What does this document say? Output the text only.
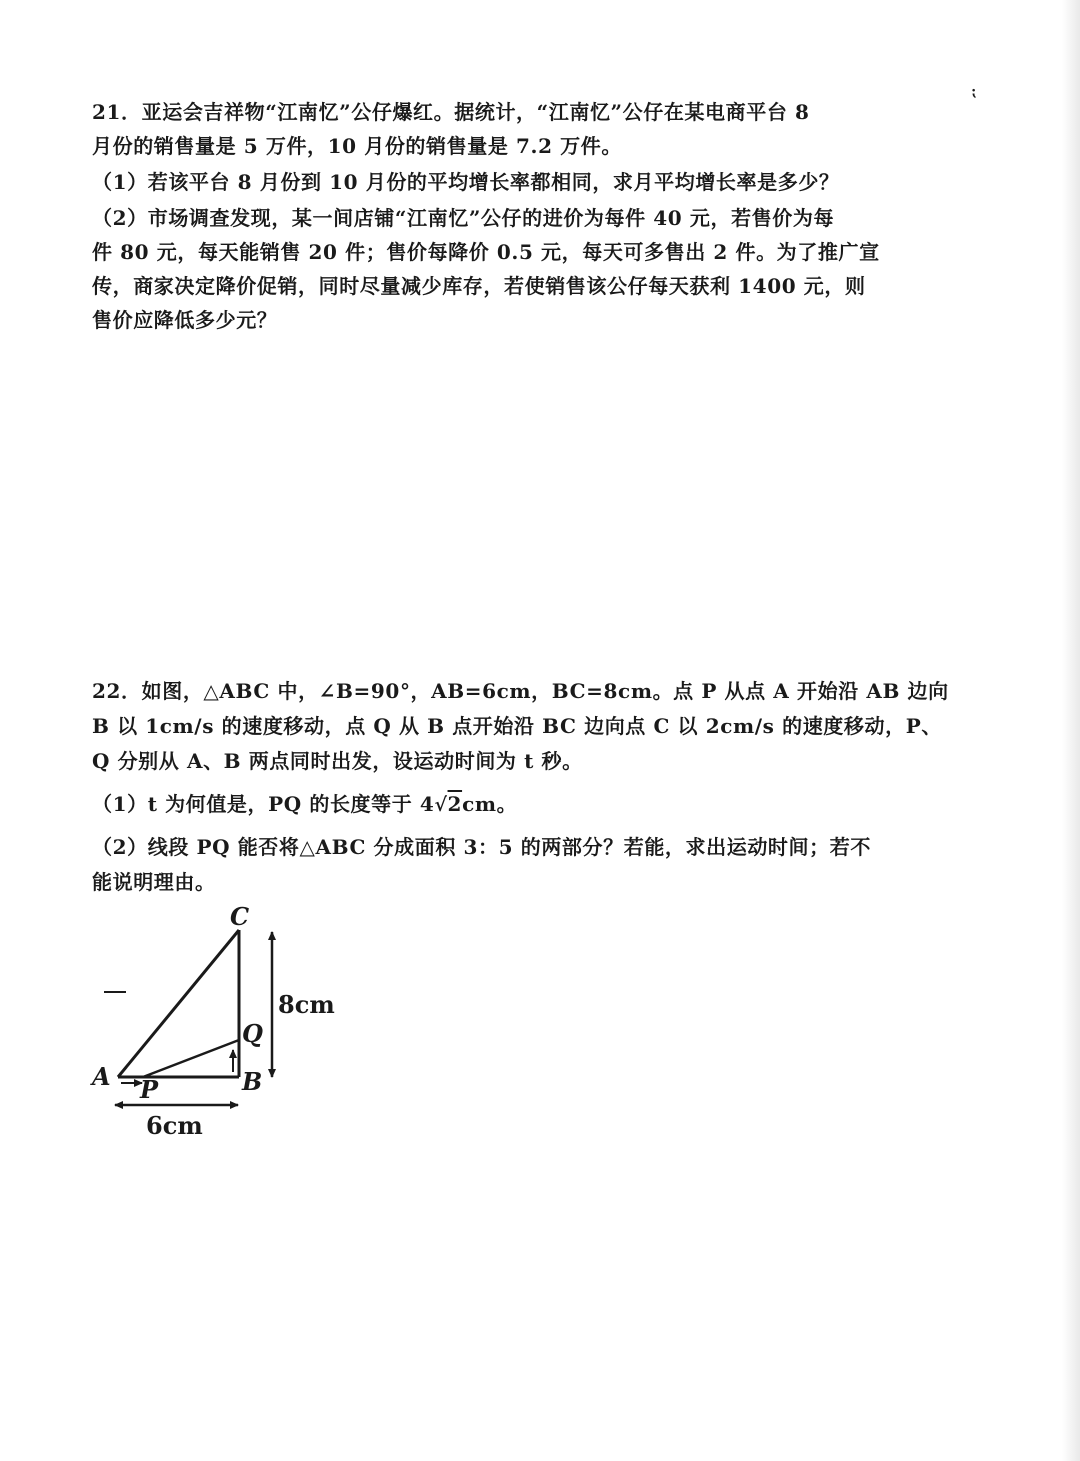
⁏
21．亚运会吉祥物“江南忆”公仔爆红。据统计，“江南忆”公仔在某电商平台 8
月份的销售量是 5 万件，10 月份的销售量是 7.2 万件。
（1）若该平台 8 月份到 10 月份的平均增长率都相同，求月平均增长率是多少？
（2）市场调查发现，某一间店铺“江南忆”公仔的进价为每件 40 元，若售价为每
件 80 元，每天能销售 20 件；售价每降价 0.5 元，每天可多售出 2 件。为了推广宣
传，商家决定降价促销，同时尽量减少库存，若使销售该公仔每天获利 1400 元，则
售价应降低多少元？
22．如图，△ABC 中，∠B=90°，AB=6cm，BC=8cm。点 P 从点 A 开始沿 AB 边向
B 以 1cm/s 的速度移动，点 Q 从 B 点开始沿 BC 边向点 C 以 2cm/s 的速度移动，P、
Q 分别从 A、B 两点同时出发，设运动时间为 t 秒。
（1）t 为何值是，PQ 的长度等于 4√2cm。
（2）线段 PQ 能否将△ABC 分成面积 3：5 的两部分？若能，求出运动时间；若不
能说明理由。
C
A	B
P
Q
8cm
6cm
